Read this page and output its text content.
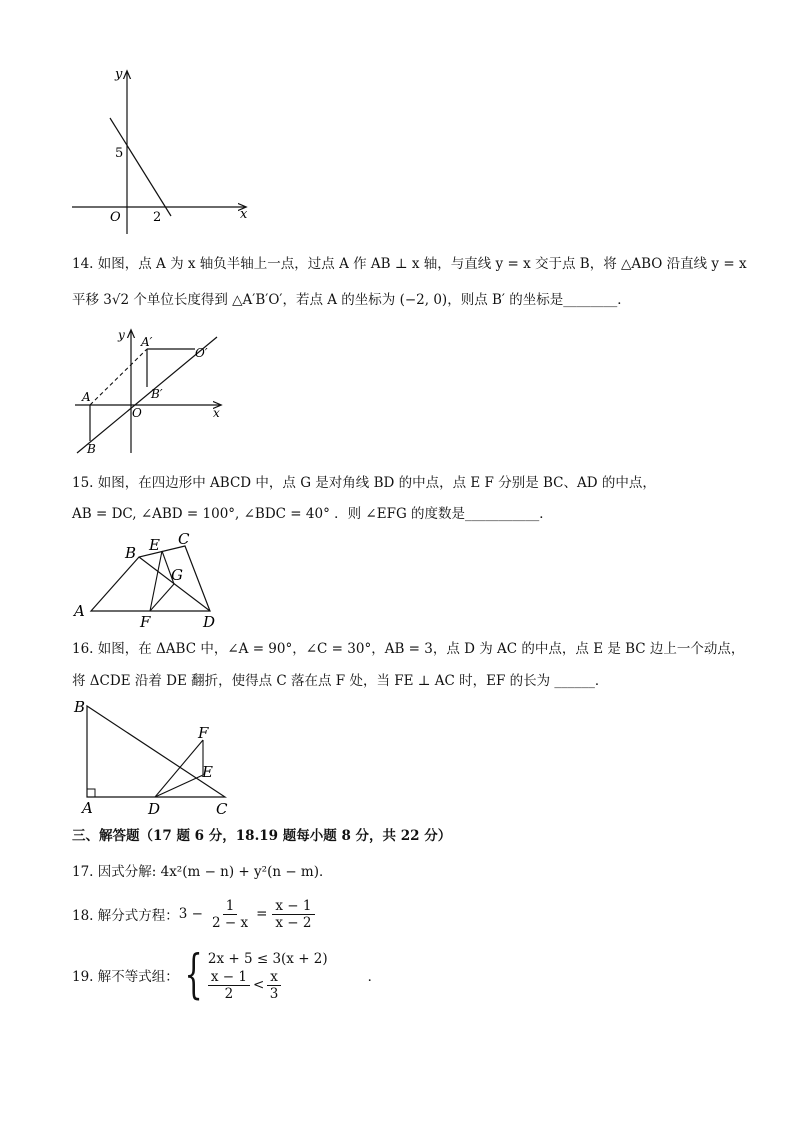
y
x
O
5
2
14. 如图，点 A 为 x 轴负半轴上一点，过点 A 作 AB ⊥ x 轴，与直线 y = x 交于点 B，将 △ABO 沿直线 y = x
平移 3√2 个单位长度得到 △A′B′O′，若点 A 的坐标为 (−2, 0)，则点 B′ 的坐标是________．
y
x
O
A
B
A′
B′
O′
15. 如图，在四边形中 ABCD 中，点 G 是对角线 BD 的中点，点 E F 分别是 BC、AD 的中点，
AB = DC, ∠ABD = 100°, ∠BDC = 40° ．则 ∠EFG 的度数是___________．
A
B
C
D
E
F
G
16. 如图，在 ΔABC 中，∠A = 90°，∠C = 30°，AB = 3，点 D 为 AC 的中点，点 E 是 BC 边上一个动点，
将 ΔCDE 沿着 DE 翻折，使得点 C 落在点 F 处，当 FE ⊥ AC 时，EF 的长为 ______．
A
B
C
D
E
F
三、解答题（17 题 6 分，18.19 题每小题 8 分，共 22 分）
17. 因式分解: 4x²(m − n) + y²(n − m)．
18. 解分式方程： $3 - \frac{1}{2 - x} = \frac{x - 1}{x - 2}$
19. 解不等式组： { 2x + 5 ≤ 3(x + 2)
x − 1
2
<
x
3
．
